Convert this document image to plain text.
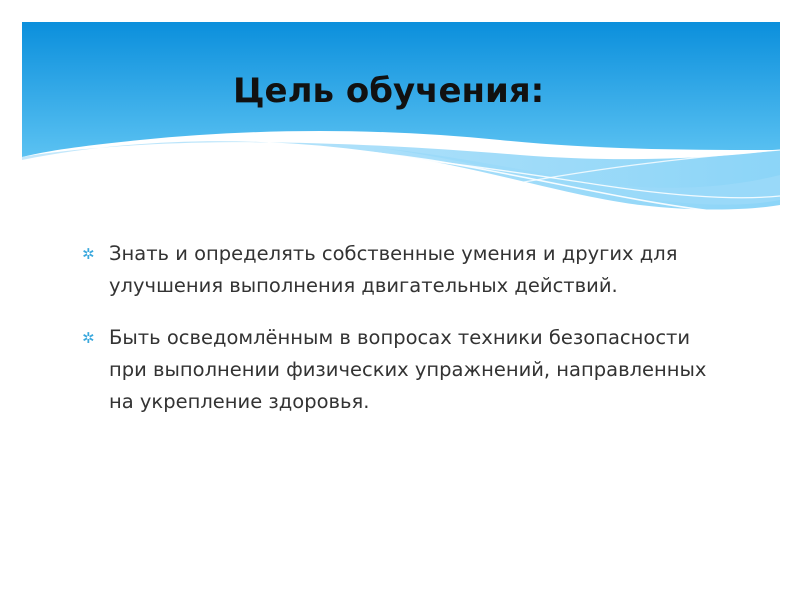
Цель обучения:
✲ Знать и определять собственные умения и других для улучшения выполнения двигательных действий.
✲ Быть осведомлённым в вопросах техники безопасности при выполнении физических упражнений, направленных на укрепление здоровья.
